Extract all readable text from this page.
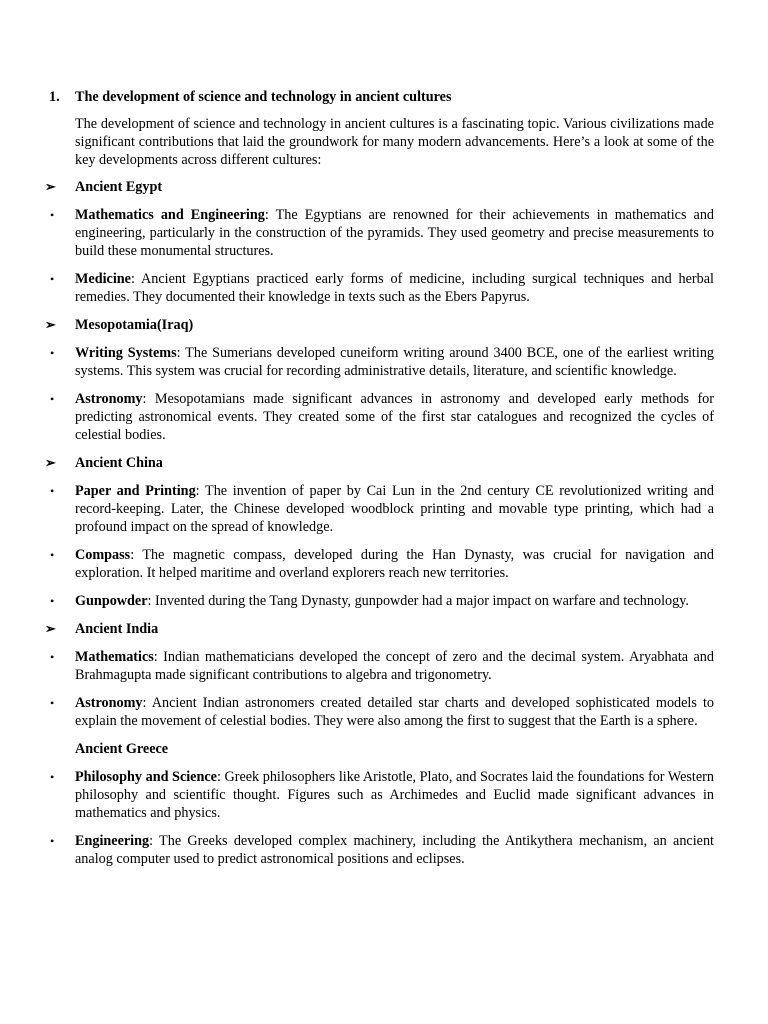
1. The development of science and technology in ancient cultures
The development of science and technology in ancient cultures is a fascinating topic. Various civilizations made significant contributions that laid the groundwork for many modern advancements. Here’s a look at some of the key developments across different cultures:
➢ Ancient Egypt
• Mathematics and Engineering: The Egyptians are renowned for their achievements in mathematics and engineering, particularly in the construction of the pyramids. They used geometry and precise measurements to build these monumental structures.
• Medicine: Ancient Egyptians practiced early forms of medicine, including surgical techniques and herbal remedies. They documented their knowledge in texts such as the Ebers Papyrus.
➢ Mesopotamia(Iraq)
• Writing Systems: The Sumerians developed cuneiform writing around 3400 BCE, one of the earliest writing systems. This system was crucial for recording administrative details, literature, and scientific knowledge.
• Astronomy: Mesopotamians made significant advances in astronomy and developed early methods for predicting astronomical events. They created some of the first star catalogues and recognized the cycles of celestial bodies.
➢ Ancient China
• Paper and Printing: The invention of paper by Cai Lun in the 2nd century CE revolutionized writing and record-keeping. Later, the Chinese developed woodblock printing and movable type printing, which had a profound impact on the spread of knowledge.
• Compass: The magnetic compass, developed during the Han Dynasty, was crucial for navigation and exploration. It helped maritime and overland explorers reach new territories.
• Gunpowder: Invented during the Tang Dynasty, gunpowder had a major impact on warfare and technology.
➢ Ancient India
• Mathematics: Indian mathematicians developed the concept of zero and the decimal system. Aryabhata and Brahmagupta made significant contributions to algebra and trigonometry.
• Astronomy: Ancient Indian astronomers created detailed star charts and developed sophisticated models to explain the movement of celestial bodies. They were also among the first to suggest that the Earth is a sphere.
Ancient Greece
• Philosophy and Science: Greek philosophers like Aristotle, Plato, and Socrates laid the foundations for Western philosophy and scientific thought. Figures such as Archimedes and Euclid made significant advances in mathematics and physics.
• Engineering: The Greeks developed complex machinery, including the Antikythera mechanism, an ancient analog computer used to predict astronomical positions and eclipses.
